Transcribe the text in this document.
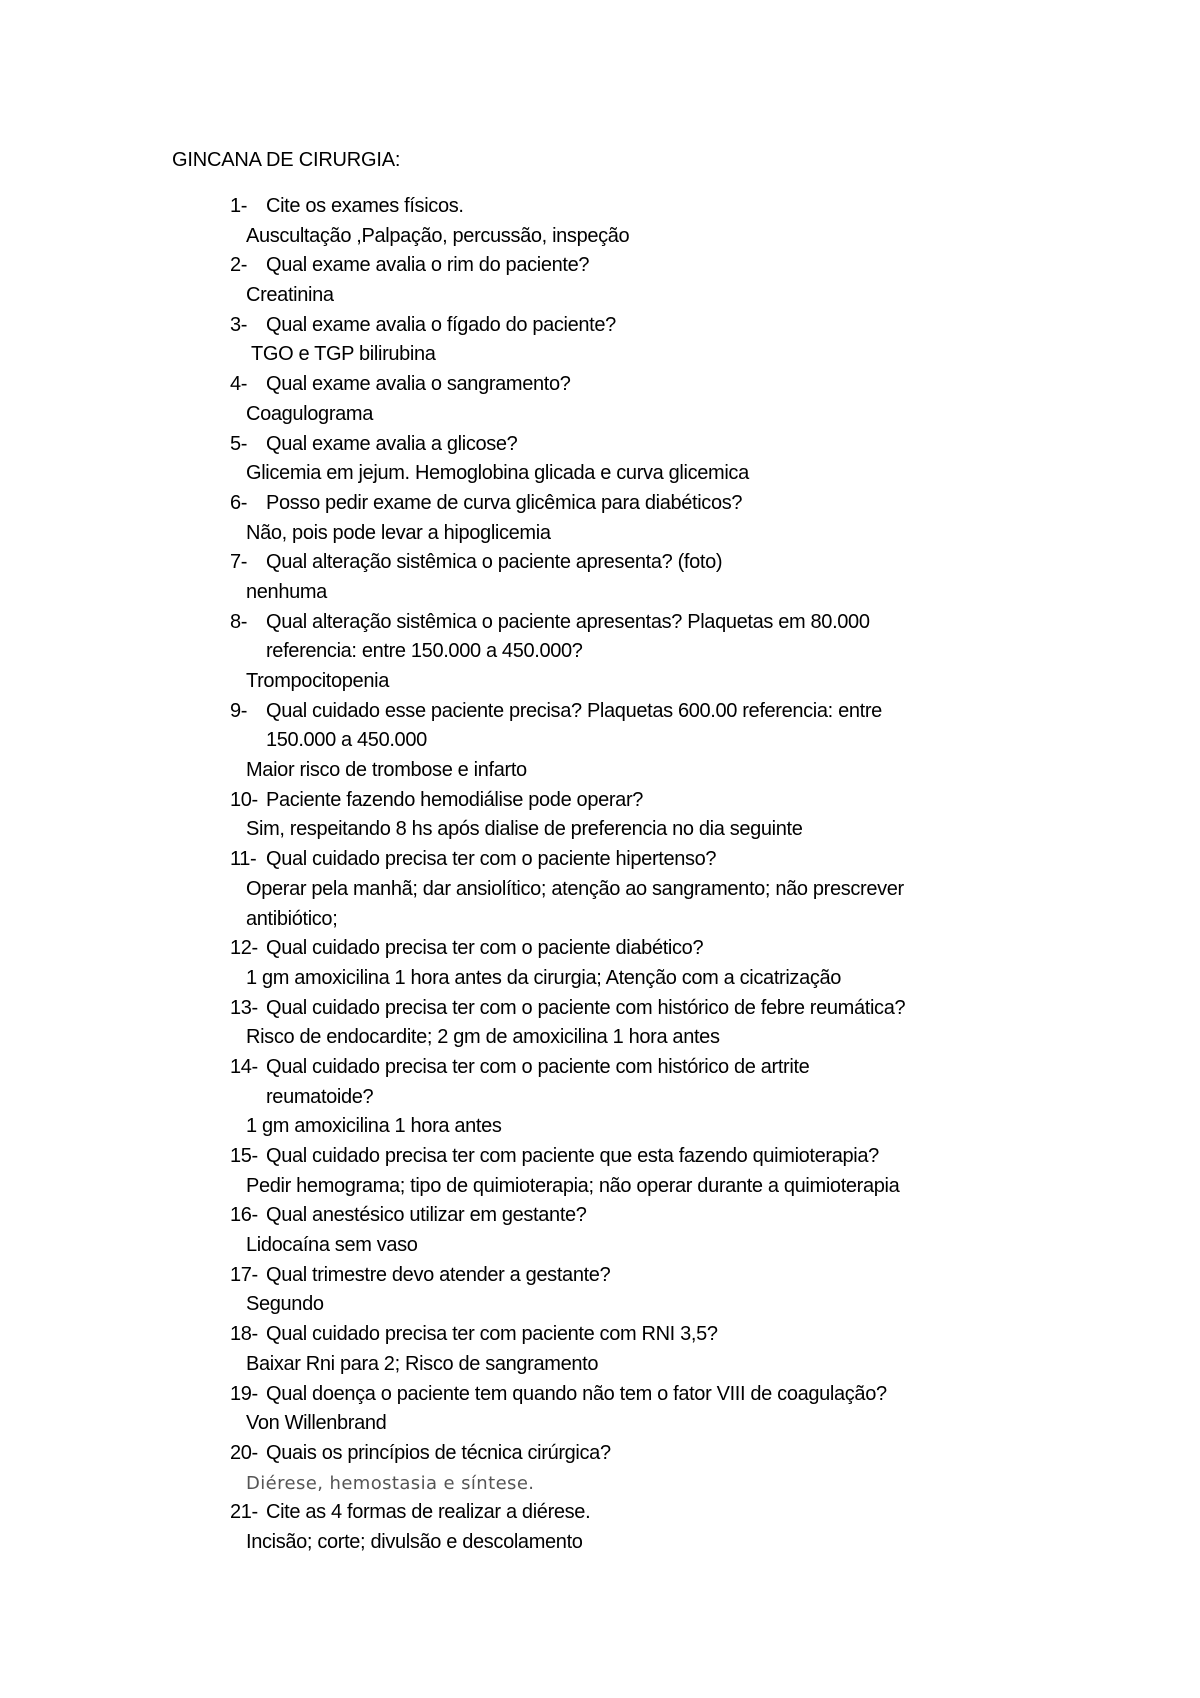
GINCANA DE CIRURGIA:
1- Cite os exames físicos.
Auscultação ,Palpação, percussão, inspeção
2- Qual exame avalia o rim do paciente?
Creatinina
3- Qual exame avalia o fígado do paciente?
TGO e TGP bilirubina
4- Qual exame avalia o sangramento?
Coagulograma
5- Qual exame avalia a glicose?
Glicemia em jejum. Hemoglobina glicada e curva glicemica
6- Posso pedir exame de curva glicêmica para diabéticos?
Não, pois pode levar a hipoglicemia
7- Qual alteração sistêmica o paciente apresenta? (foto)
nenhuma
8- Qual alteração sistêmica o paciente apresentas? Plaquetas em 80.000
referencia: entre 150.000 a 450.000?
Trompocitopenia
9- Qual cuidado esse paciente precisa? Plaquetas 600.00 referencia: entre
150.000 a 450.000
Maior risco de trombose e infarto
10- Paciente fazendo hemodiálise pode operar?
Sim, respeitando 8 hs após dialise de preferencia no dia seguinte
11- Qual cuidado precisa ter com o paciente hipertenso?
Operar pela manhã; dar ansiolítico; atenção ao sangramento; não prescrever
antibiótico;
12- Qual cuidado precisa ter com o paciente diabético?
1 gm amoxicilina 1 hora antes da cirurgia; Atenção com a cicatrização
13- Qual cuidado precisa ter com o paciente com histórico de febre reumática?
Risco de endocardite; 2 gm de amoxicilina 1 hora antes
14- Qual cuidado precisa ter com o paciente com histórico de artrite
reumatoide?
1 gm amoxicilina 1 hora antes
15- Qual cuidado precisa ter com paciente que esta fazendo quimioterapia?
Pedir hemograma; tipo de quimioterapia; não operar durante a quimioterapia
16- Qual anestésico utilizar em gestante?
Lidocaína sem vaso
17- Qual trimestre devo atender a gestante?
Segundo
18- Qual cuidado precisa ter com paciente com RNI 3,5?
Baixar Rni para 2; Risco de sangramento
19- Qual doença o paciente tem quando não tem o fator VIII de coagulação?
Von Willenbrand
20- Quais os princípios de técnica cirúrgica?
Diérese, hemostasia e síntese.
21- Cite as 4 formas de realizar a diérese.
Incisão; corte; divulsão e descolamento
